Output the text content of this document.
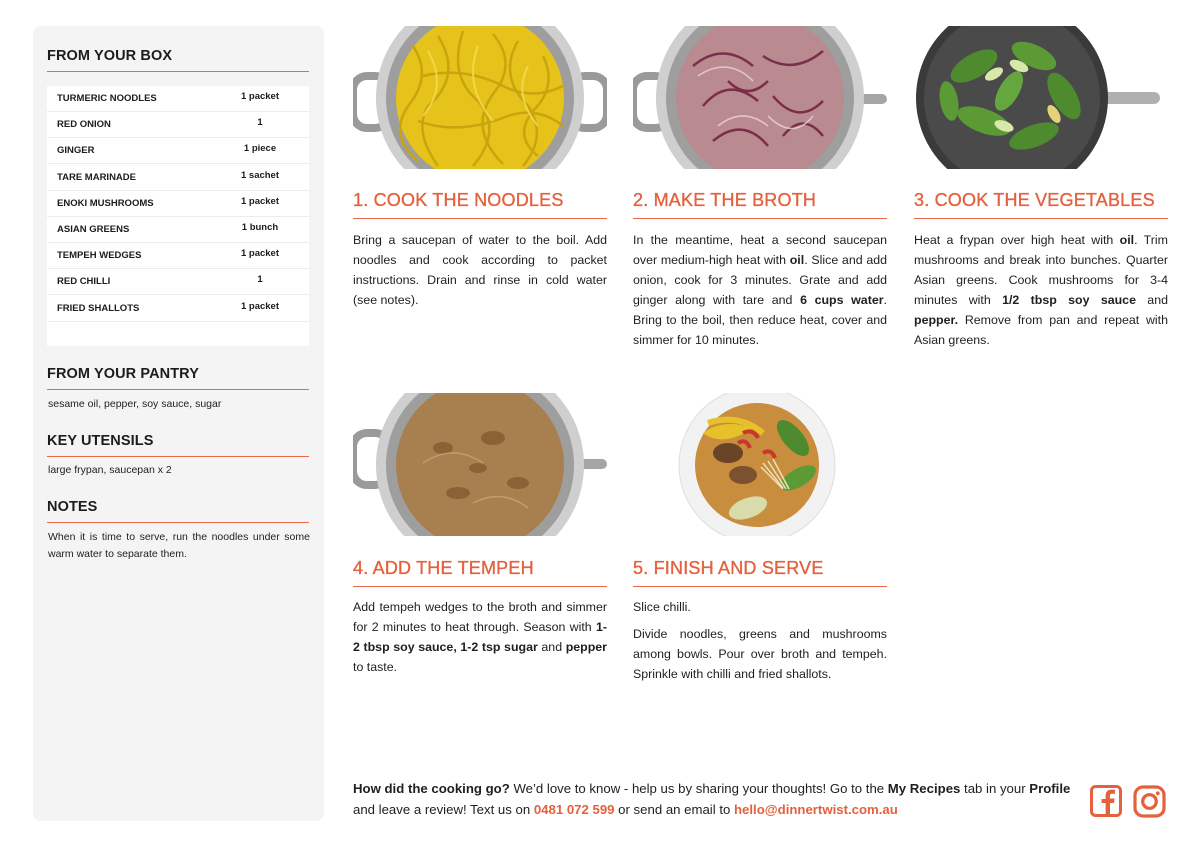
FROM YOUR BOX
TURMERIC NOODLES	1 packet
RED ONION	1
GINGER	1 piece
TARE MARINADE	1 sachet
ENOKI MUSHROOMS	1 packet
ASIAN GREENS	1 bunch
TEMPEH WEDGES	1 packet
RED CHILLI	1
FRIED SHALLOTS	1 packet
FROM YOUR PANTRY
sesame oil, pepper, soy sauce, sugar
KEY UTENSILS
large frypan, saucepan x 2
NOTES
When it is time to serve, run the noodles under some warm water to separate them.
1. COOK THE NOODLES

Bring a saucepan of water to the boil. Add noodles and cook according to packet instructions. Drain and rinse in cold water (see notes).

2. MAKE THE BROTH

In the meantime, heat a second saucepan over medium-high heat with oil. Slice and add onion, cook for 3 minutes. Grate and add ginger along with tare and 6 cups water. Bring to the boil, then reduce heat, cover and simmer for 10 minutes.

3. COOK THE VEGETABLES

Heat a frypan over high heat with oil. Trim mushrooms and break into bunches. Quarter Asian greens. Cook mushrooms for 3-4 minutes with 1/2 tbsp soy sauce and pepper. Remove from pan and repeat with Asian greens.

4. ADD THE TEMPEH

Add tempeh wedges to the broth and simmer for 2 minutes to heat through. Season with 1-2 tbsp soy sauce, 1-2 tsp sugar and pepper to taste.

5. FINISH AND SERVE

Slice chilli.

Divide noodles, greens and mushrooms among bowls. Pour over broth and tempeh. Sprinkle with chilli and fried shallots.

How did the cooking go? We’d love to know - help us by sharing your thoughts! Go to the My Recipes tab in your Profile and leave a review! Text us on 0481 072 599 or send an email to hello@dinnertwist.com.au
